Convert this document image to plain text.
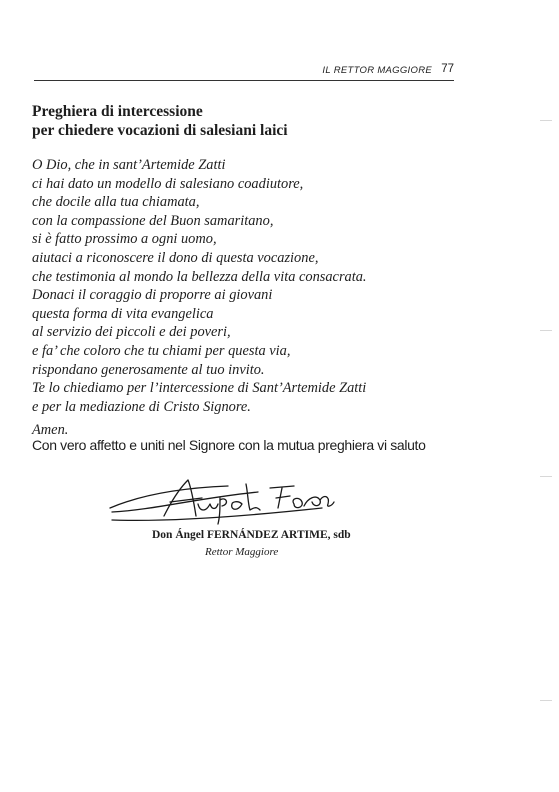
IL RETTOR MAGGIORE 77
Preghiera di intercessione
per chiedere vocazioni di salesiani laici
O Dio, che in sant’Artemide Zatti
ci hai dato un modello di salesiano coadiutore,
che docile alla tua chiamata,
con la compassione del Buon samaritano,
si è fatto prossimo a ogni uomo,
aiutaci a riconoscere il dono di questa vocazione,
che testimonia al mondo la bellezza della vita consacrata.
Donaci il coraggio di proporre ai giovani
questa forma di vita evangelica
al servizio dei piccoli e dei poveri,
e fa’ che coloro che tu chiami per questa via,
rispondano generosamente al tuo invito.
Te lo chiediamo per l’intercessione di Sant’Artemide Zatti
e per la mediazione di Cristo Signore.
Amen.
Con vero affetto e uniti nel Signore con la mutua preghiera vi saluto
Ángel Fdez
Don Ángel FERNÁNDEZ ARTIME, sdb
Rettor Maggiore
